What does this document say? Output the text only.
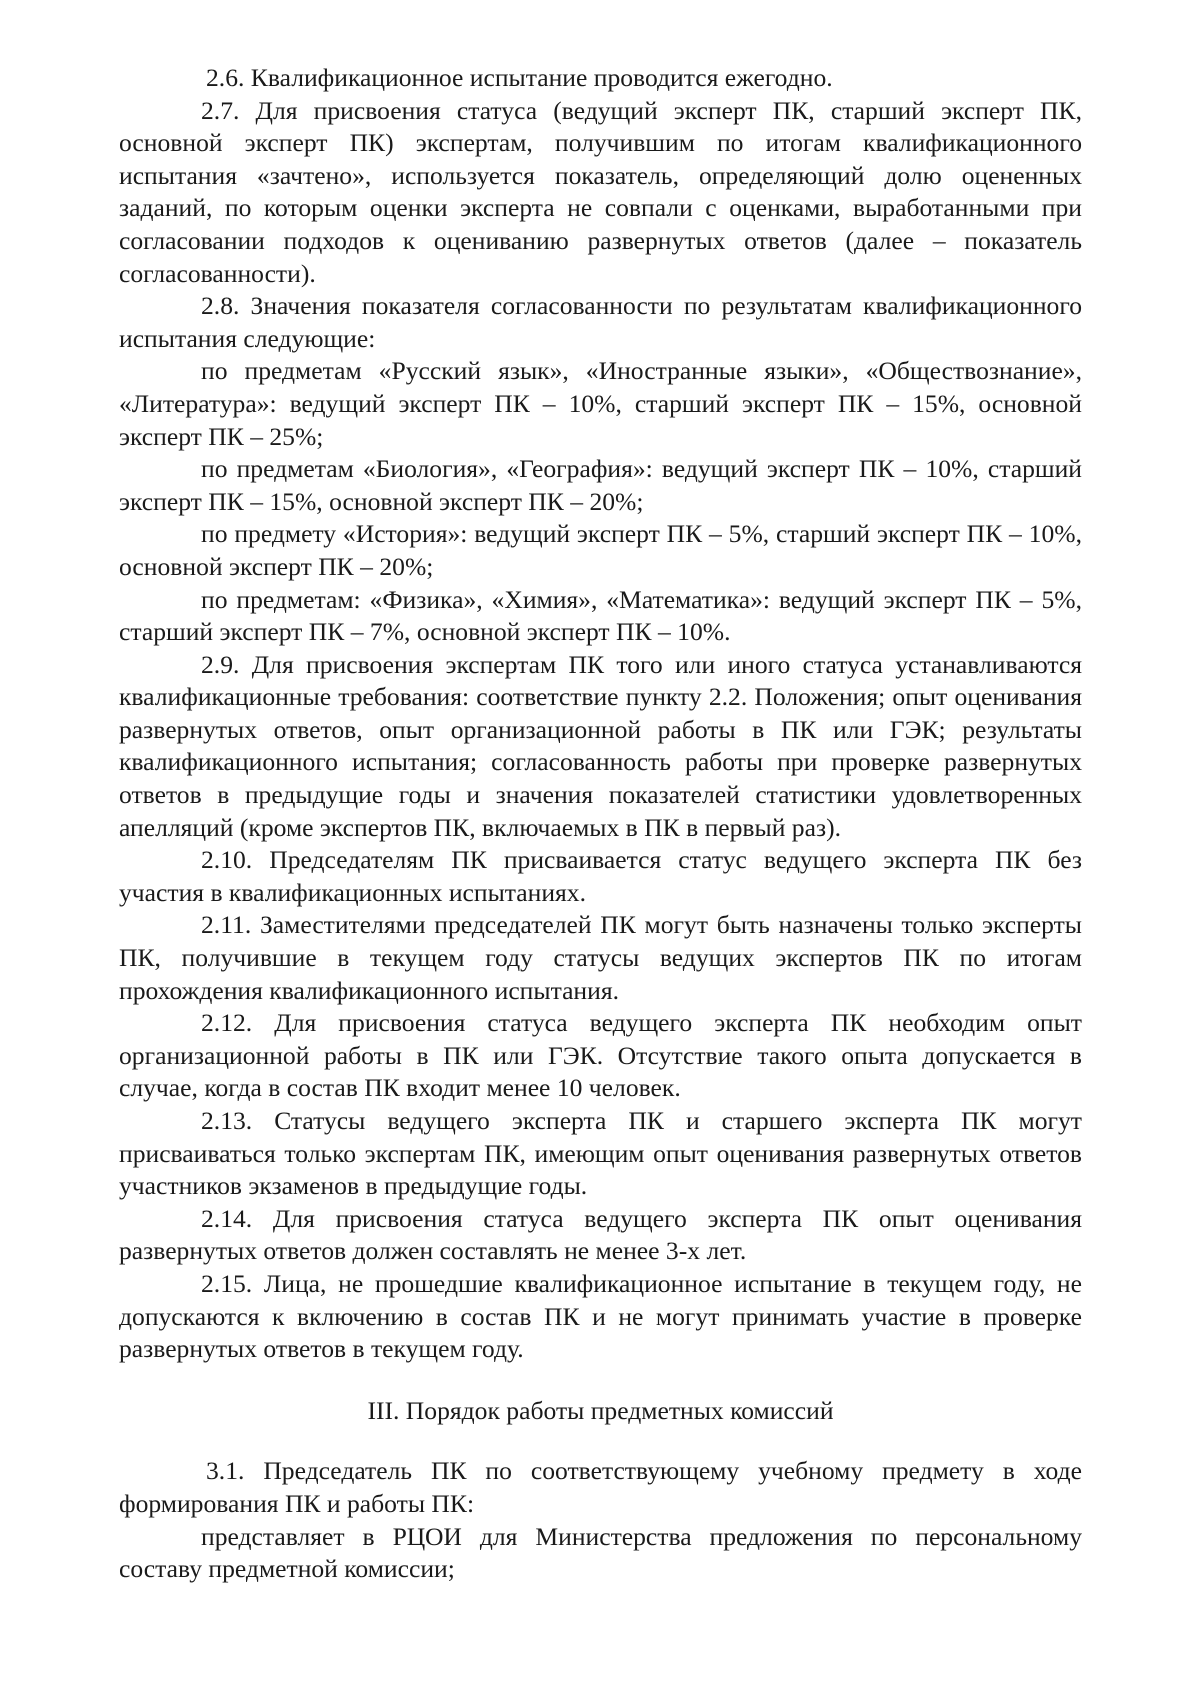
2.6. Квалификационное испытание проводится ежегодно.

2.7. Для присвоения статуса (ведущий эксперт ПК, старший эксперт ПК, основной эксперт ПК) экспертам, получившим по итогам квалификационного испытания «зачтено», используется показатель, определяющий долю оцененных заданий, по которым оценки эксперта не совпали с оценками, выработанными при согласовании подходов к оцениванию развернутых ответов (далее – показатель согласованности).

2.8. Значения показателя согласованности по результатам квалификационного испытания следующие:

по предметам «Русский язык», «Иностранные языки», «Обществознание», «Литература»: ведущий эксперт ПК – 10%, старший эксперт ПК – 15%, основной эксперт ПК – 25%;

по предметам «Биология», «География»: ведущий эксперт ПК – 10%, старший эксперт ПК – 15%, основной эксперт ПК – 20%;

по предмету «История»: ведущий эксперт ПК – 5%, старший эксперт ПК – 10%, основной эксперт ПК – 20%;

по предметам: «Физика», «Химия», «Математика»: ведущий эксперт ПК – 5%, старший эксперт ПК – 7%, основной эксперт ПК – 10%.

2.9. Для присвоения экспертам ПК того или иного статуса устанавливаются квалификационные требования: соответствие пункту 2.2. Положения; опыт оценивания развернутых ответов, опыт организационной работы в ПК или ГЭК; результаты квалификационного испытания; согласованность работы при проверке развернутых ответов в предыдущие годы и значения показателей статистики удовлетворенных апелляций (кроме экспертов ПК, включаемых в ПК в первый раз).

2.10. Председателям ПК присваивается статус ведущего эксперта ПК без участия в квалификационных испытаниях.

2.11. Заместителями председателей ПК могут быть назначены только эксперты ПК, получившие в текущем году статусы ведущих экспертов ПК по итогам прохождения квалификационного испытания.

2.12. Для присвоения статуса ведущего эксперта ПК необходим опыт организационной работы в ПК или ГЭК. Отсутствие такого опыта допускается в случае, когда в состав ПК входит менее 10 человек.

2.13. Статусы ведущего эксперта ПК и старшего эксперта ПК могут присваиваться только экспертам ПК, имеющим опыт оценивания развернутых ответов участников экзаменов в предыдущие годы.

2.14. Для присвоения статуса ведущего эксперта ПК опыт оценивания развернутых ответов должен составлять не менее 3-х лет.

2.15. Лица, не прошедшие квалификационное испытание в текущем году, не допускаются к включению в состав ПК и не могут принимать участие в проверке развернутых ответов в текущем году.

III. Порядок работы предметных комиссий

3.1. Председатель ПК по соответствующему учебному предмету в ходе формирования ПК и работы ПК:

представляет в РЦОИ для Министерства предложения по персональному составу предметной комиссии;
